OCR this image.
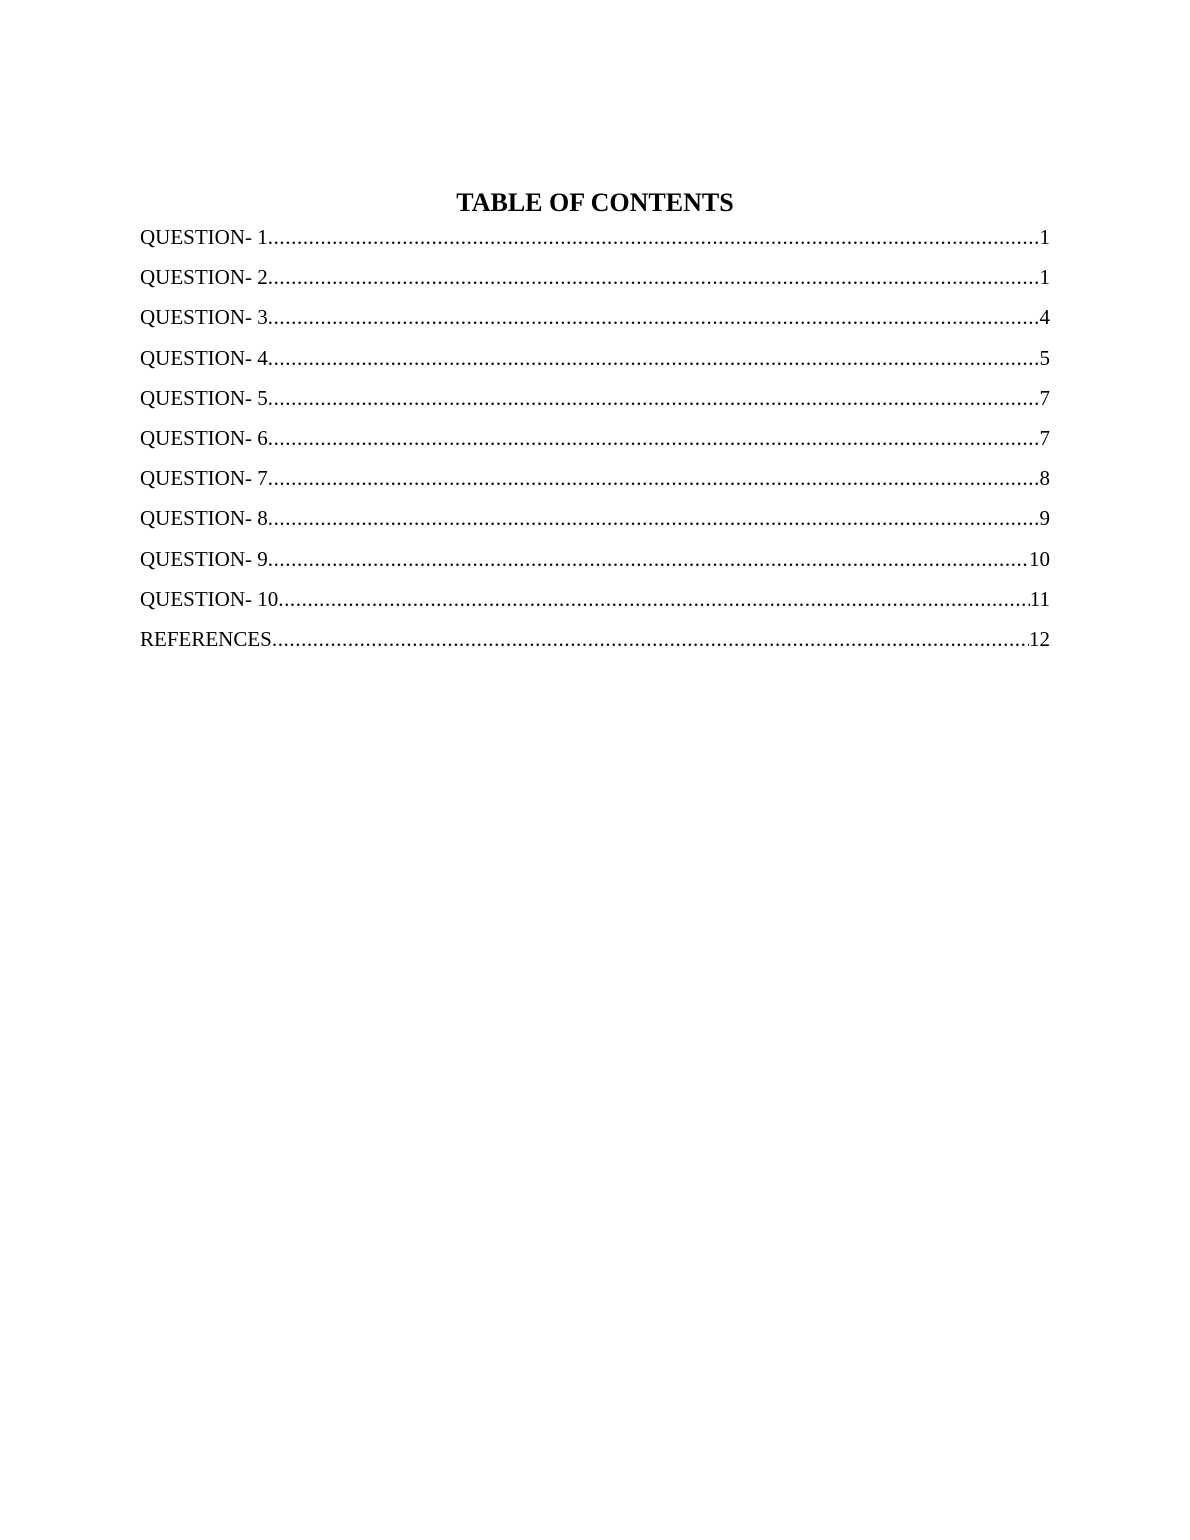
TABLE OF CONTENTS
QUESTION- 1 .....	1
QUESTION- 2 .....	1
QUESTION- 3 .....	4
QUESTION- 4 .....	5
QUESTION- 5 .....	7
QUESTION- 6 .....	7
QUESTION- 7 .....	8
QUESTION- 8 .....	9
QUESTION- 9 .....	10
QUESTION- 10 .....	11
REFERENCES .....	12
